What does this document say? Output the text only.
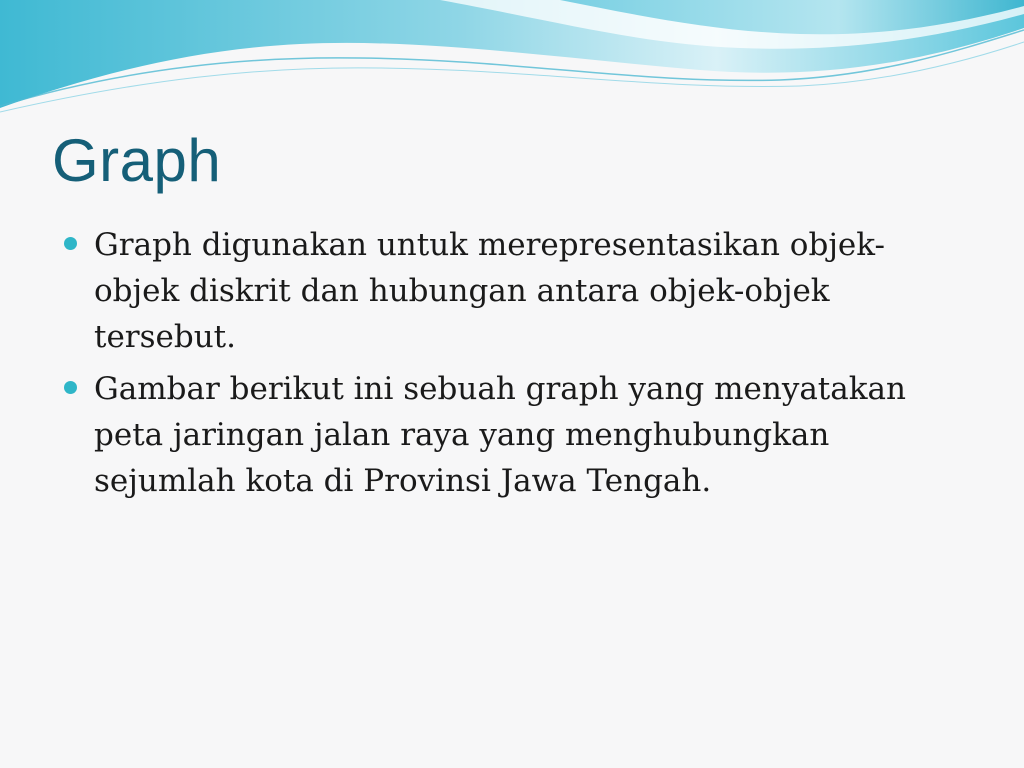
Graph
Graph digunakan untuk merepresentasikan objek-objek diskrit dan hubungan antara objek-objek tersebut.
Gambar berikut ini sebuah graph yang menyatakan peta jaringan jalan raya yang menghubungkan sejumlah kota di Provinsi Jawa Tengah.
